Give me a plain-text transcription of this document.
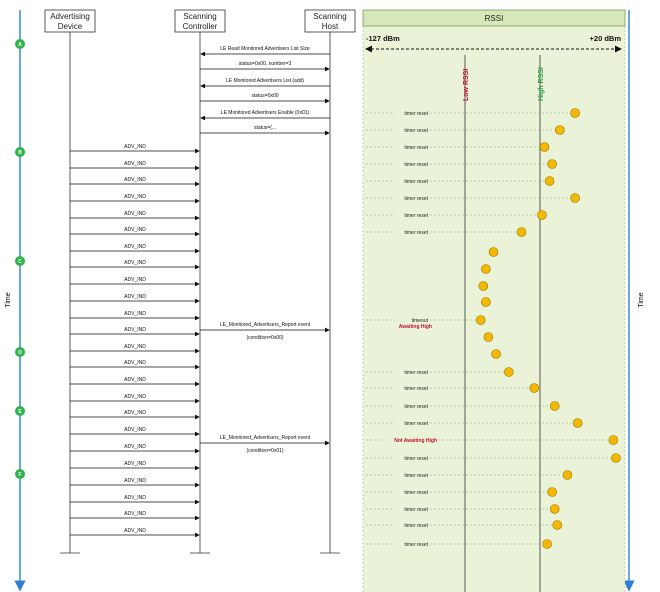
Time	Time
RSSI
-127 dBm	+20 dBm
Low RSSI	High RSSI
Advertising
Device
Scanning
Controller
Scanning
Host
A
B
C
D
E
F
LE Read Monitored Advertisers List Size
status=0x00, number=3
LE Monitored Advertisers List (add)
status=0x00
LE Monitored Advertisers Enable (0x01)
status=(...
LE_Monitored_Advertisers_Report event
(condition=0x00)
LE_Monitored_Advertisers_Report event
(condition=0x01)
ADV_IND
ADV_IND
ADV_IND
ADV_IND
ADV_IND
ADV_IND
ADV_IND
ADV_IND
ADV_IND
ADV_IND
ADV_IND
ADV_IND
ADV_IND
ADV_IND
ADV_IND
ADV_IND
ADV_IND
ADV_IND
ADV_IND
ADV_IND
ADV_IND
ADV_IND
ADV_IND
ADV_IND
timer reset
timer reset
timer reset
timer reset
timer reset
timer reset
timer reset
timer reset
timeout
timer reset
timer reset
timer reset
timer reset
Not Awaiting High
timer reset
timer reset
timer reset
timer reset
timer reset
timer reset
Awaiting High
